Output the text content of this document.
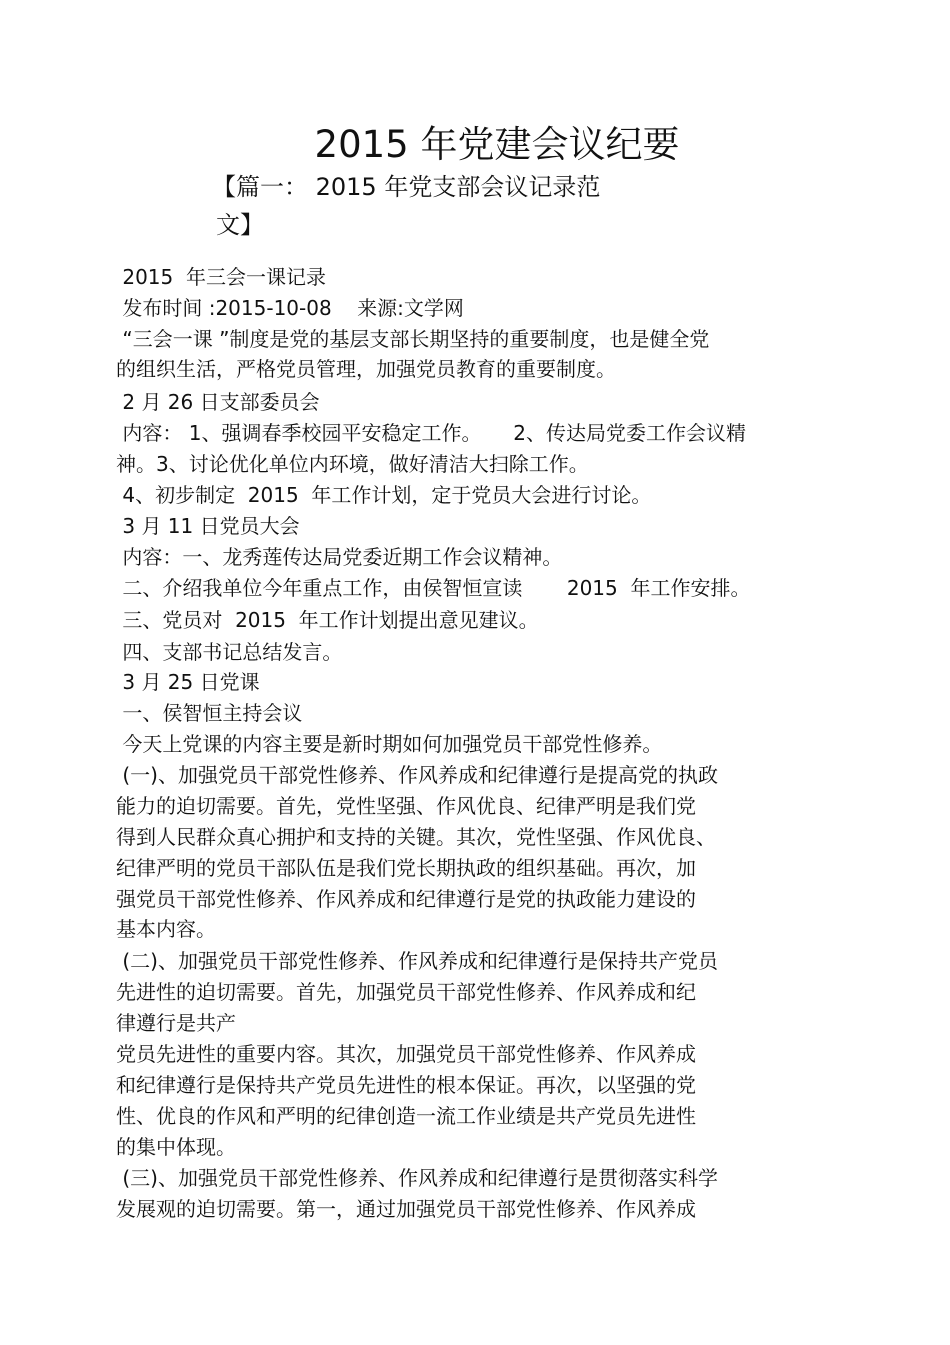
2015 年党建会议纪要
【篇一： 2015 年党支部会议记录范
文】
2015  年三会一课记录
发布时间 :2015-10-08    来源:文学网
“三会一课 ”制度是党的基层支部长期坚持的重要制度，也是健全党
的组织生活，严格党员管理，加强党员教育的重要制度。
2 月 26 日支部委员会
内容： 1、强调春季校园平安稳定工作。     2、传达局党委工作会议精
神。3、讨论优化单位内环境，做好清洁大扫除工作。
4、初步制定  2015  年工作计划，定于党员大会进行讨论。
3 月 11 日党员大会
内容：一、龙秀莲传达局党委近期工作会议精神。
二、介绍我单位今年重点工作，由侯智恒宣读       2015  年工作安排。
三、党员对  2015  年工作计划提出意见建议。
四、支部书记总结发言。
3 月 25 日党课
一、侯智恒主持会议
今天上党课的内容主要是新时期如何加强党员干部党性修养。
(一)、加强党员干部党性修养、作风养成和纪律遵行是提高党的执政
能力的迫切需要。首先，党性坚强、作风优良、纪律严明是我们党
得到人民群众真心拥护和支持的关键。其次，党性坚强、作风优良、
纪律严明的党员干部队伍是我们党长期执政的组织基础。再次，加
强党员干部党性修养、作风养成和纪律遵行是党的执政能力建设的
基本内容。
(二)、加强党员干部党性修养、作风养成和纪律遵行是保持共产党员
先进性的迫切需要。首先，加强党员干部党性修养、作风养成和纪
律遵行是共产
党员先进性的重要内容。其次，加强党员干部党性修养、作风养成
和纪律遵行是保持共产党员先进性的根本保证。再次，以坚强的党
性、优良的作风和严明的纪律创造一流工作业绩是共产党员先进性
的集中体现。
(三)、加强党员干部党性修养、作风养成和纪律遵行是贯彻落实科学
发展观的迫切需要。第一，通过加强党员干部党性修养、作风养成
